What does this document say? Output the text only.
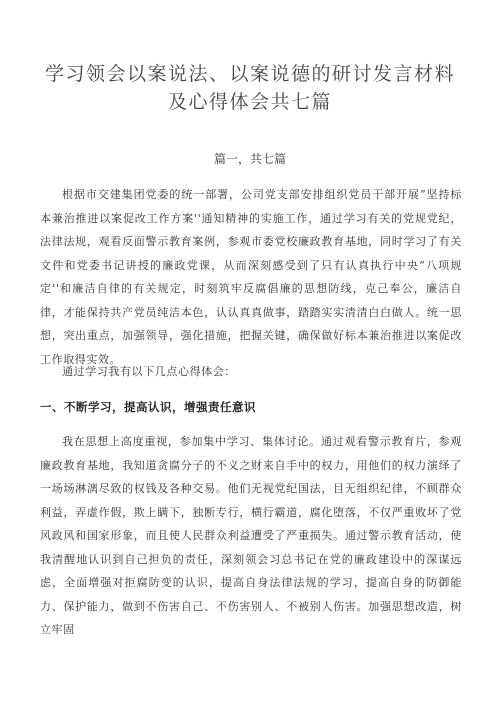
学习领会以案说法、以案说德的研讨发言材料及心得体会共七篇
篇一，共七篇

根据市交建集团党委的统一部署，公司党支部安排组织党员干部开展”坚持标本兼治推进以案促改工作方案''通知精神的实施工作，通过学习有关的党规党纪，法律法规，观看反面警示教育案例，参观市委党校廉政教育基地，同时学习了有关文件和党委书记讲授的廉政党课，从而深刻感受到了只有认真执行中央“八项规定''和廉洁自律的有关规定，时刻筑牢反腐倡廉的思想防线，克己奉公，廉洁自律，才能保持共产党员纯洁本色，认认真真做事，踏踏实实清清白白做人。统一思想，突出重点，加强领导，强化措施，把握关键，确保做好标本兼治推进以案促改工作取得实效。

通过学习我有以下几点心得体会：

一、不断学习，提高认识，增强责任意识

我在思想上高度重视，参加集中学习、集体讨论。通过观看警示教育片，参观廉政教育基地，我知道贪腐分子的不义之财来自手中的权力，用他们的权力演绎了一场场淋漓尽致的权钱及各种交易。他们无视党纪国法，目无组织纪律，不顾群众利益，弄虚作假，欺上瞒下，独断专行，横行霸道，腐化堕落，不仅严重败坏了党风政风和国家形象，而且使人民群众利益遭受了严重损失。通过警示教育活动，使我清醒地认识到自己担负的责任，深刻领会习总书记在党的廉政建设中的深谋远虑，全面增强对拒腐防变的认识，提高自身法律法规的学习，提高自身的防御能力、保护能力，做到不伤害自己、不伤害别人、不被别人伤害。加强思想改造，树立牢固
